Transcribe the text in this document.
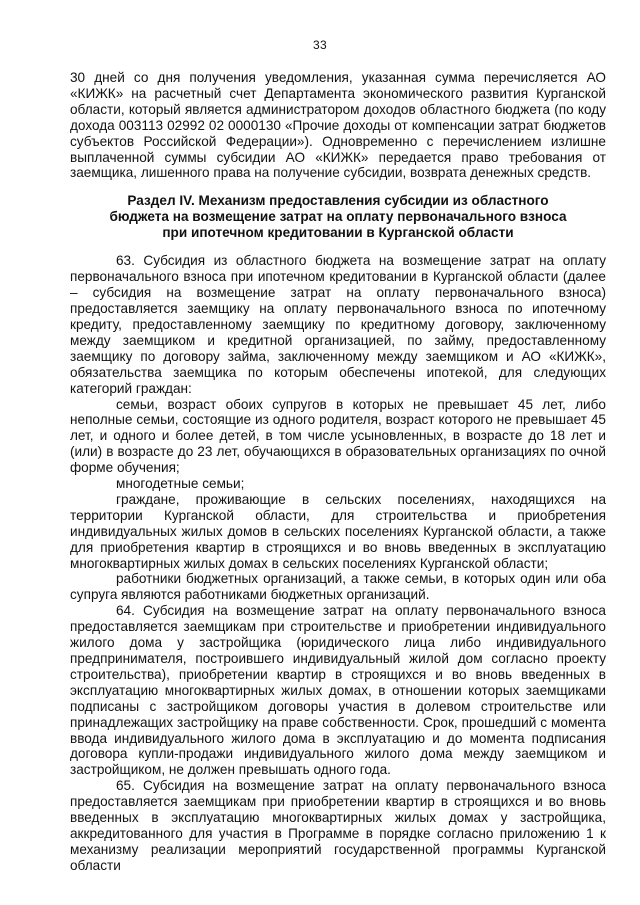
33

30 дней со дня получения уведомления, указанная сумма перечисляется АО «КИЖК» на расчетный счет Департамента экономического развития Курганской области, который является администратором доходов областного бюджета (по коду дохода 003113 02992 02 0000130 «Прочие доходы от компенсации затрат бюджетов субъектов Российской Федерации»). Одновременно с перечислением излишне выплаченной суммы субсидии АО «КИЖК» передается право требования от заемщика, лишенного права на получение субсидии, возврата денежных средств.

Раздел IV. Механизм предоставления субсидии из областного бюджета на возмещение затрат на оплату первоначального взноса при ипотечном кредитовании в Курганской области

63. Субсидия из областного бюджета на возмещение затрат на оплату первоначального взноса при ипотечном кредитовании в Курганской области (далее – субсидия на возмещение затрат на оплату первоначального взноса) предоставляется заемщику на оплату первоначального взноса по ипотечному кредиту, предоставленному заемщику по кредитному договору, заключенному между заемщиком и кредитной организацией, по займу, предоставленному заемщику по договору займа, заключенному между заемщиком и АО «КИЖК», обязательства заемщика по которым обеспечены ипотекой, для следующих категорий граждан:

семьи, возраст обоих супругов в которых не превышает 45 лет, либо неполные семьи, состоящие из одного родителя, возраст которого не превышает 45 лет, и одного и более детей, в том числе усыновленных, в возрасте до 18 лет и (или) в возрасте до 23 лет, обучающихся в образовательных организациях по очной форме обучения;

многодетные семьи;

граждане, проживающие в сельских поселениях, находящихся на территории Курганской области, для строительства и приобретения индивидуальных жилых домов в сельских поселениях Курганской области, а также для приобретения квартир в строящихся и во вновь введенных в эксплуатацию многоквартирных жилых домах в сельских поселениях Курганской области;

работники бюджетных организаций, а также семьи, в которых один или оба супруга являются работниками бюджетных организаций.

64. Субсидия на возмещение затрат на оплату первоначального взноса предоставляется заемщикам при строительстве и приобретении индивидуального жилого дома у застройщика (юридического лица либо индивидуального предпринимателя, построившего индивидуальный жилой дом согласно проекту строительства), приобретении квартир в строящихся и во вновь введенных в эксплуатацию многоквартирных жилых домах, в отношении которых заемщиками подписаны с застройщиком договоры участия в долевом строительстве или принадлежащих застройщику на праве собственности. Срок, прошедший с момента ввода индивидуального жилого дома в эксплуатацию и до момента подписания договора купли-продажи индивидуального жилого дома между заемщиком и застройщиком, не должен превышать одного года.

65. Субсидия на возмещение затрат на оплату первоначального взноса предоставляется заемщикам при приобретении квартир в строящихся и во вновь введенных в эксплуатацию многоквартирных жилых домах у застройщика, аккредитованного для участия в Программе в порядке согласно приложению 1 к механизму реализации мероприятий государственной программы Курганской области
